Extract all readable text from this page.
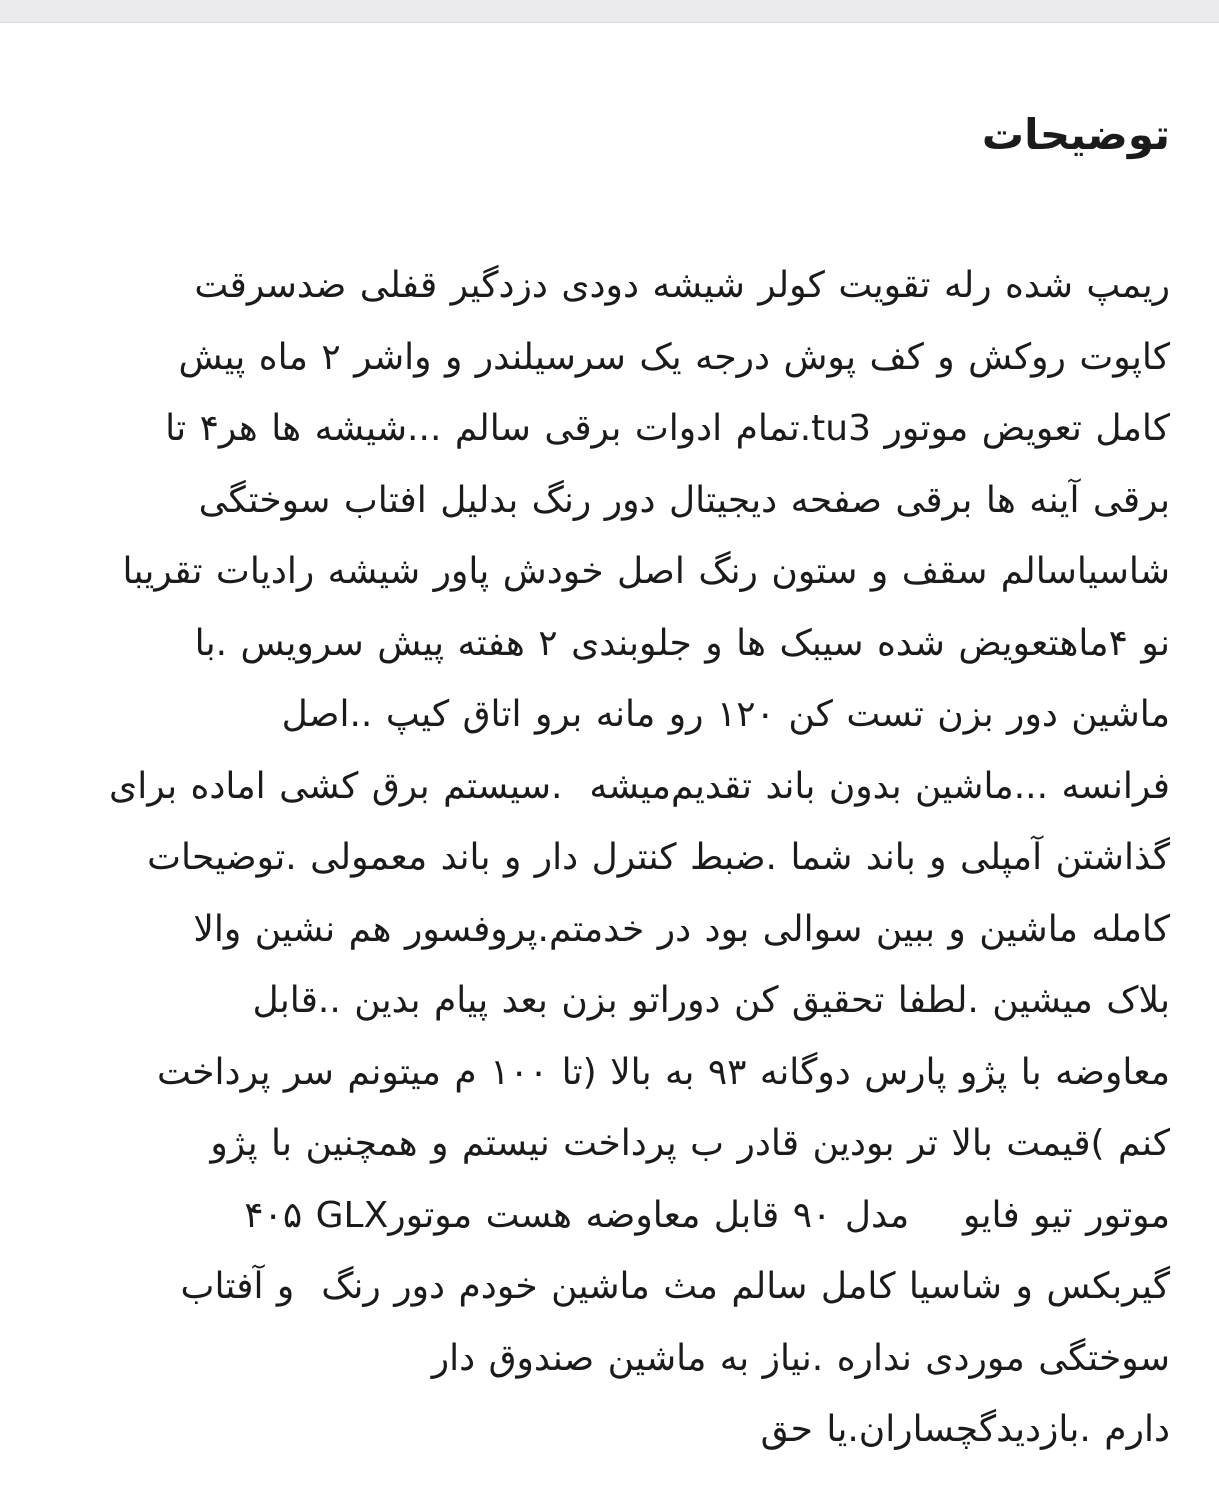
توضیحات

ریمپ شده رله تقویت کولر شیشه دودی دزدگیر قفلی ضدسرقت
کاپوت روکش و کف پوش درجه یک سرسیلندر و واشر ۲ ماه پیش
کامل تعویض موتور tu3.تمام ادوات برقی سالم ...شیشه ها هر۴ تا
برقی آینه ها برقی صفحه دیجیتال دور رنگ بدلیل افتاب سوختگی
شاسیاسالم سقف و ستون رنگ اصل خودش پاور شیشه رادیات تقریبا
نو ۴ماهتعویض شده سیبک ها و جلوبندی ۲ هفته پیش سرویس .با
ماشین دور بزن تست کن ۱۲۰ رو مانه برو اتاق کیپ ..اصل
فرانسه ...ماشین بدون باند تقدیم‌میشه  .سیستم برق کشی اماده برای
گذاشتن آمپلی و باند شما .ضبط کنترل دار و باند معمولی .توضیحات
کامله ماشین و ببین سوالی بود در خدمتم.پروفسور هم نشین والا
بلاک میشین .لطفا تحقیق کن دوراتو بزن بعد پیام بدین ..قابل
معاوضه با پژو پارس دوگانه ۹۳ به بالا (تا ۱۰۰ م میتونم سر پرداخت
کنم )قیمت بالا تر بودین قادر ب پرداخت نیستم و همچنین با پژو
۴۰۵ GLXموتور تیو فایو    مدل ۹۰ قابل معاوضه هست موتور
گیربکس و شاسیا کامل سالم مث ماشین خودم دور رنگ  و آفتاب
سوختگی موردی نداره .نیاز به ماشین صندوق دار
دارم .بازدیدگچساران.یا حق
